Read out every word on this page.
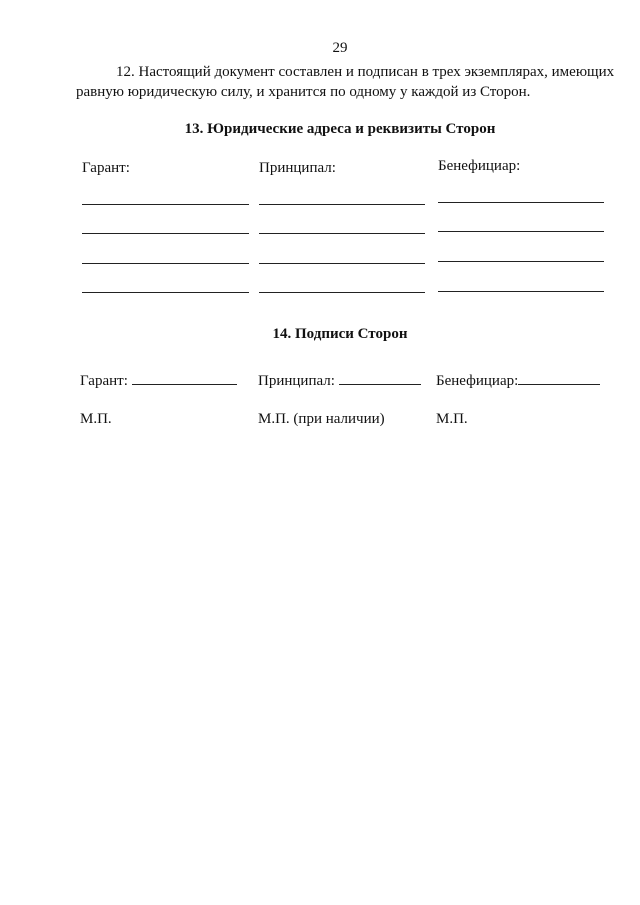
29
12. Настоящий документ составлен и подписан в трех экземплярах, имеющих
равную юридическую силу, и хранится по одному у каждой из Сторон.
13. Юридические адреса и реквизиты Сторон
Гарант:	Принципал:	Бенефициар:
14. Подписи Сторон
Гарант:	Принципал:	Бенефициар:
М.П.	М.П. (при наличии)	М.П.
